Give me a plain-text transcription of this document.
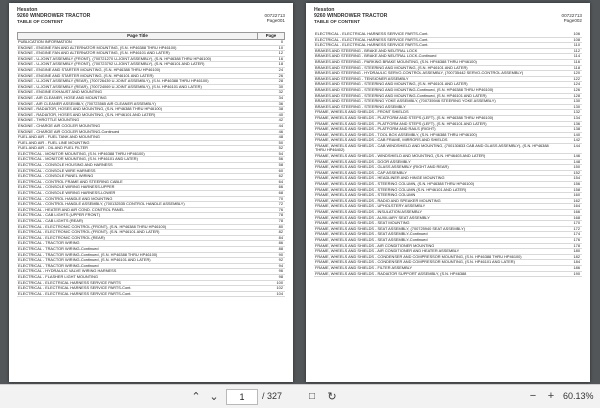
Hesston
9260 WINDROWER TRACTOR
TABLE OF CONTENT
00722713
Page001
Page Title	Page
PUBLICATION INFORMATION	0
ENGINE - ENGINE FAN AND ALTERNATOR MOUNTING, (S.N. HP46388 THRU HP46100)	10
ENGINE - ENGINE FAN AND ALTERNATOR MOUNTING, (S.N. HP46101 AND LATER)	12
ENGINE - U-JOINT ASSEMBLY (FRONT), (700721270 U-JOINT ASSEMBLY), (S.N. HP46388 THRU HP46100)	16
ENGINE - U-JOINT ASSEMBLY (FRONT), (700723792 U-JOINT ASSEMBLY), (S.N. HP46101 AND LATER)	18
ENGINE - ENGINE AND STARTER MOUNTING, (S.N. HP46388 THRU HP46100)	24
ENGINE - ENGINE AND STARTER MOUNTING, (S.N. HP46101 AND LATER)	26
ENGINE - U-JOINT ASSEMBLY (REAR), (700726439 U-JOINT ASSEMBLY), (S.N. HP46388 THRU HP46100)	28
ENGINE - U-JOINT ASSEMBLY (REAR), (700724069 U-JOINT ASSEMBLY), (S.N. HP46101 AND LATER)	30
ENGINE - ENGINE EXHAUST AND MOUNTING	32
ENGINE - AIR CLEANER, HOSE AND MOUNTING	34
ENGINE - AIR CLEANER ASSEMBLY, (700723565 AIR CLEANER ASSEMBLY)	36
ENGINE - RADIATOR, HOSES AND MOUNTING, (S.N. HP46388 THRU HP46100)	38
ENGINE - RADIATOR, HOSES AND MOUNTING, (S.N. HP46101 AND LATER)	40
ENGINE - THROTTLE MOUNTING	42
ENGINE - CHARGE AIR COOLER MOUNTING	44
ENGINE - CHARGE AIR COOLER MOUNTING-Continued	46
FUEL AND AIR - FUEL TANK AND MOUNTING	48
FUEL AND AIR - FUEL LINE MOUNTING	50
FUEL AND AIR - OIL AND FUEL FILTER	52
ELECTRICAL - MONITOR MOUNTING, (S.N. HP46388 THRU HP46100)	54
ELECTRICAL - MONITOR MOUNTING, (S.N. HP46101 AND LATER)	56
ELECTRICAL - CONSOLE HOUSING AND HARNESS	58
ELECTRICAL - CONSOLE WIRE HARNESS	60
ELECTRICAL - CONSOLE PANEL WIRING	62
ELECTRICAL - CONTROL FRAME AND STEERING CABLE	64
ELECTRICAL - CONSOLE WIRING HARNESS-UPPER	66
ELECTRICAL - CONSOLE WIRING HARNESS-LOWER	68
ELECTRICAL - CONTROL HANDLE AND MOUNTING	70
ELECTRICAL - CONTROL HANDLE ASSEMBLY, (700132535 CONTROL HANDLE ASSEMBLY)	72
ELECTRICAL - HEATER AND AIR COND. CONTROL PANEL	76
ELECTRICAL - CAB LIGHTS (UPPER FRONT)	78
ELECTRICAL - CAB LIGHTS (REAR)	78
ELECTRICAL - ELECTRONIC CONTROL (FRONT), (S.N. HP46388 THRU HP46100)	80
ELECTRICAL - ELECTRONIC CONTROL (FRONT), (S.N. HP46101 AND LATER)	82
ELECTRICAL - ELECTRONIC CONTROL (REAR)	84
ELECTRICAL - TRACTOR WIRING	86
ELECTRICAL - TRACTOR WIRING-Continued	88
ELECTRICAL - TRACTOR WIRING-Continued, (S.N. HP46388 THRU HP46100)	90
ELECTRICAL - TRACTOR WIRING-Continued, (S.N. HP46101 AND LATER)	92
ELECTRICAL - TRACTOR WIRING-Continued	94
ELECTRICAL - HYDRAULIC VALVE WIRING HARNESS	96
ELECTRICAL - FLASHER LIGHT MOUNTING	98
ELECTRICAL - ELECTRICAL HARNESS SERVICE PARTS	100
ELECTRICAL - ELECTRICAL HARNESS SERVICE PARTS-Cont.	102
ELECTRICAL - ELECTRICAL HARNESS SERVICE PARTS-Cont.	104
Hesston
9260 WINDROWER TRACTOR
TABLE OF CONTENT
00722713
Page002
ELECTRICAL - ELECTRICAL HARNESS SERVICE PARTS-Cont.	106
ELECTRICAL - ELECTRICAL HARNESS SERVICE PARTS-Cont.	108
ELECTRICAL - ELECTRICAL HARNESS SERVICE PARTS-Cont.	110
BRAKES AND STEERING - BRAKE AND NEUTRAL LOCK	112
BRAKES AND STEERING - BRAKE AND NEUTRAL LOCK-Continued	114
BRAKES AND STEERING - PARKING BRAKE MOUNTING, (S.N. HP46388 THRU HP46100)	116
BRAKES AND STEERING - STEERING AND MOUNTING, (S.N. HP46101 AND LATER)	118
BRAKES AND STEERING - HYDRAULIC SERVO-CONTROL ASSEMBLY, (700735442 SERVO-CONTROL ASSEMBLY)	120
BRAKES AND STEERING - TENSIONER ASSEMBLY	122
BRAKES AND STEERING - STEERING AND MOUNTING, (S.N. HP46101 AND LATER)	124
BRAKES AND STEERING - STEERING AND MOUNTING-Continued, (S.N. HP46388 THRU HP46100)	126
BRAKES AND STEERING - STEERING AND MOUNTING-Continued, (S.N. HP46101 AND LATER)	128
BRAKES AND STEERING - STEERING YOKE ASSEMBLY, (700735946 STEERING YOKE ASSEMBLY)	130
BRAKES AND STEERING - STEERING ASSEMBLY	130
FRAME, WHEELS AND SHIELDS - FRONT SHIELDS	132
FRAME, WHEELS AND SHIELDS - PLATFORM AND STEPS (LEFT), (S.N. HP46388 THRU HP46100)	134
FRAME, WHEELS AND SHIELDS - PLATFORM AND STEPS (LEFT), (S.N. HP46101 AND LATER)	136
FRAME, WHEELS AND SHIELDS - PLATFORM AND RAILS (RIGHT)	138
FRAME, WHEELS AND SHIELDS - TOOL BOX ASSEMBLY, (S.N. HP46388 THRU HP46100)	140
FRAME, WHEELS AND SHIELDS - CAB FRAME, MIRRORS AND SHIELDS	142
FRAME, WHEELS AND SHIELDS - CAB WINDSHIELD AND MOUNTING, (700130833 CAB AND GLASS ASSEMBLY), (S.N. HP46388 THRU HP46402)
144
FRAME, WHEELS AND SHIELDS - WINDSHIELD AND MOUNTING, (S.N. HP46403 AND LATER)	146
FRAME, WHEELS AND SHIELDS - DOOR ASSEMBLY	148
FRAME, WHEELS AND SHIELDS - GLASS ASSEMBLY (RIGHT AND REAR)	150
FRAME, WHEELS AND SHIELDS - CAP ASSEMBLY	152
FRAME, WHEELS AND SHIELDS - HEADLINER AND HINGE MOUNTING	154
FRAME, WHEELS AND SHIELDS - STEERING COLUMN, (S.N. HP46388 THRU HP46100)	156
FRAME, WHEELS AND SHIELDS - STEERING COLUMN (S.N. HP46101 AND LATER)	158
FRAME, WHEELS AND SHIELDS - STEERING COLUMN	160
FRAME, WHEELS AND SHIELDS - RADIO AND SPEAKER MOUNTING	162
FRAME, WHEELS AND SHIELDS - UPHOLSTERY ASSEMBLY	164
FRAME, WHEELS AND SHIELDS - INSULATION ASSEMBLY	166
FRAME, WHEELS AND SHIELDS - AUXILIARY SEAT ASSEMBLY	168
FRAME, WHEELS AND SHIELDS - SEAT MOUNTING	170
FRAME, WHEELS AND SHIELDS - SEAT ASSEMBLY, (700725940 SEAT ASSEMBLY)	172
FRAME, WHEELS AND SHIELDS - SEAT ASSEMBLY-Continued	174
FRAME, WHEELS AND SHIELDS - SEAT ASSEMBLY-Continued	176
FRAME, WHEELS AND SHIELDS - AIR CONDITIONER MOUNTING	178
FRAME, WHEELS AND SHIELDS - AIR CONDITIONER AND HEATER ASSEMBLY	180
FRAME, WHEELS AND SHIELDS - CONDENSER AND COMPRESSOR MOUNTING, (S.N. HP46388 THRU HP46100)	182
FRAME, WHEELS AND SHIELDS - CONDENSER AND COMPRESSOR MOUNTING, (S.N. HP46101 AND LATER)	184
FRAME, WHEELS AND SHIELDS - FILTER ASSEMBLY	186
FRAME, WHEELS AND SHIELDS - RADIATOR SUPPORT ASSEMBLY, (S.N. HP46388	190
⌃ ⌄	1	/ 327	□ ↻	− + 60.13%
